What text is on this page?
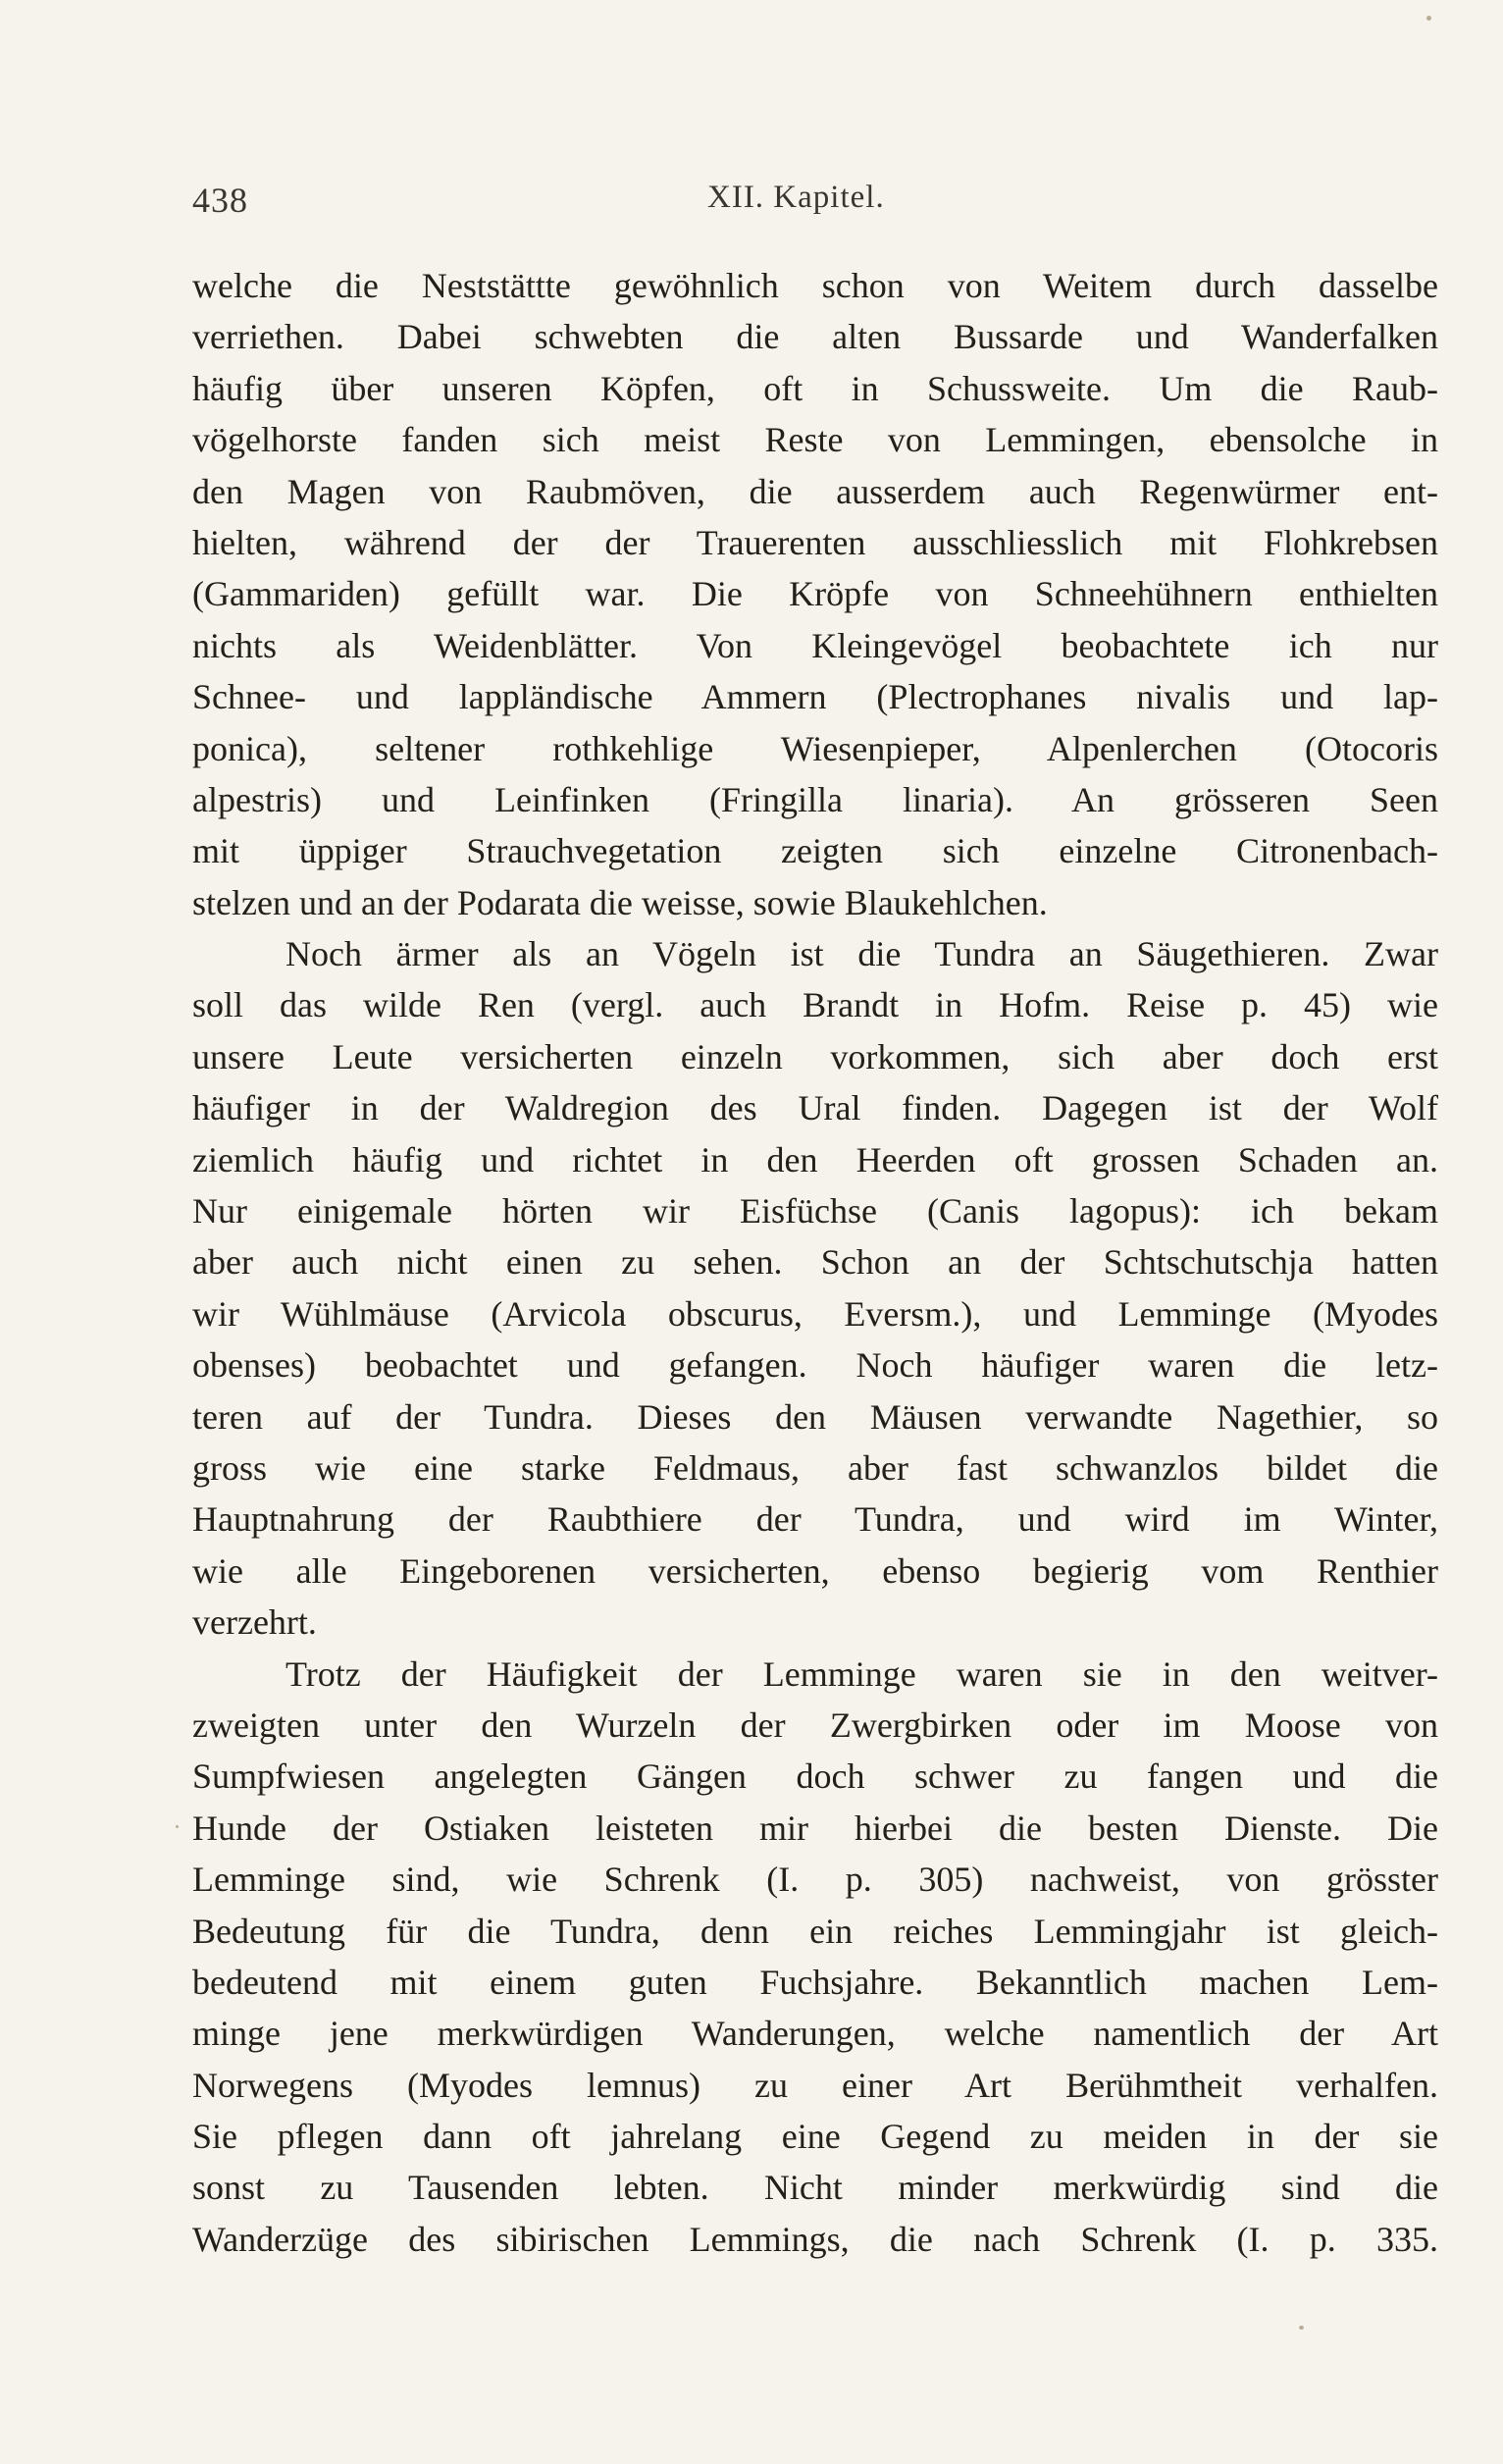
438	XII. Kapitel.
welche die Neststättte gewöhnlich schon von Weitem durch dasselbe
verriethen. Dabei schwebten die alten Bussarde und Wanderfalken
häufig über unseren Köpfen, oft in Schussweite. Um die Raub-
vögelhorste fanden sich meist Reste von Lemmingen, ebensolche in
den Magen von Raubmöven, die ausserdem auch Regenwürmer ent-
hielten, während der der Trauerenten ausschliesslich mit Flohkrebsen
(Gammariden) gefüllt war. Die Kröpfe von Schneehühnern enthielten
nichts als Weidenblätter. Von Kleingevögel beobachtete ich nur
Schnee- und lappländische Ammern (Plectrophanes nivalis und lap-
ponica), seltener rothkehlige Wiesenpieper, Alpenlerchen (Otocoris
alpestris) und Leinfinken (Fringilla linaria). An grösseren Seen
mit üppiger Strauchvegetation zeigten sich einzelne Citronenbach-
stelzen und an der Podarata die weisse, sowie Blaukehlchen.
Noch ärmer als an Vögeln ist die Tundra an Säugethieren. Zwar
soll das wilde Ren (vergl. auch Brandt in Hofm. Reise p. 45) wie
unsere Leute versicherten einzeln vorkommen, sich aber doch erst
häufiger in der Waldregion des Ural finden. Dagegen ist der Wolf
ziemlich häufig und richtet in den Heerden oft grossen Schaden an.
Nur einigemale hörten wir Eisfüchse (Canis lagopus): ich bekam
aber auch nicht einen zu sehen. Schon an der Schtschutschja hatten
wir Wühlmäuse (Arvicola obscurus, Eversm.), und Lemminge (Myodes
obenses) beobachtet und gefangen. Noch häufiger waren die letz-
teren auf der Tundra. Dieses den Mäusen verwandte Nagethier, so
gross wie eine starke Feldmaus, aber fast schwanzlos bildet die
Hauptnahrung der Raubthiere der Tundra, und wird im Winter,
wie alle Eingeborenen versicherten, ebenso begierig vom Renthier
verzehrt.
Trotz der Häufigkeit der Lemminge waren sie in den weitver-
zweigten unter den Wurzeln der Zwergbirken oder im Moose von
Sumpfwiesen angelegten Gängen doch schwer zu fangen und die
Hunde der Ostiaken leisteten mir hierbei die besten Dienste. Die
Lemminge sind, wie Schrenk (I. p. 305) nachweist, von grösster
Bedeutung für die Tundra, denn ein reiches Lemmingjahr ist gleich-
bedeutend mit einem guten Fuchsjahre. Bekanntlich machen Lem-
minge jene merkwürdigen Wanderungen, welche namentlich der Art
Norwegens (Myodes lemnus) zu einer Art Berühmtheit verhalfen.
Sie pflegen dann oft jahrelang eine Gegend zu meiden in der sie
sonst zu Tausenden lebten. Nicht minder merkwürdig sind die
Wanderzüge des sibirischen Lemmings, die nach Schrenk (I. p. 335.
